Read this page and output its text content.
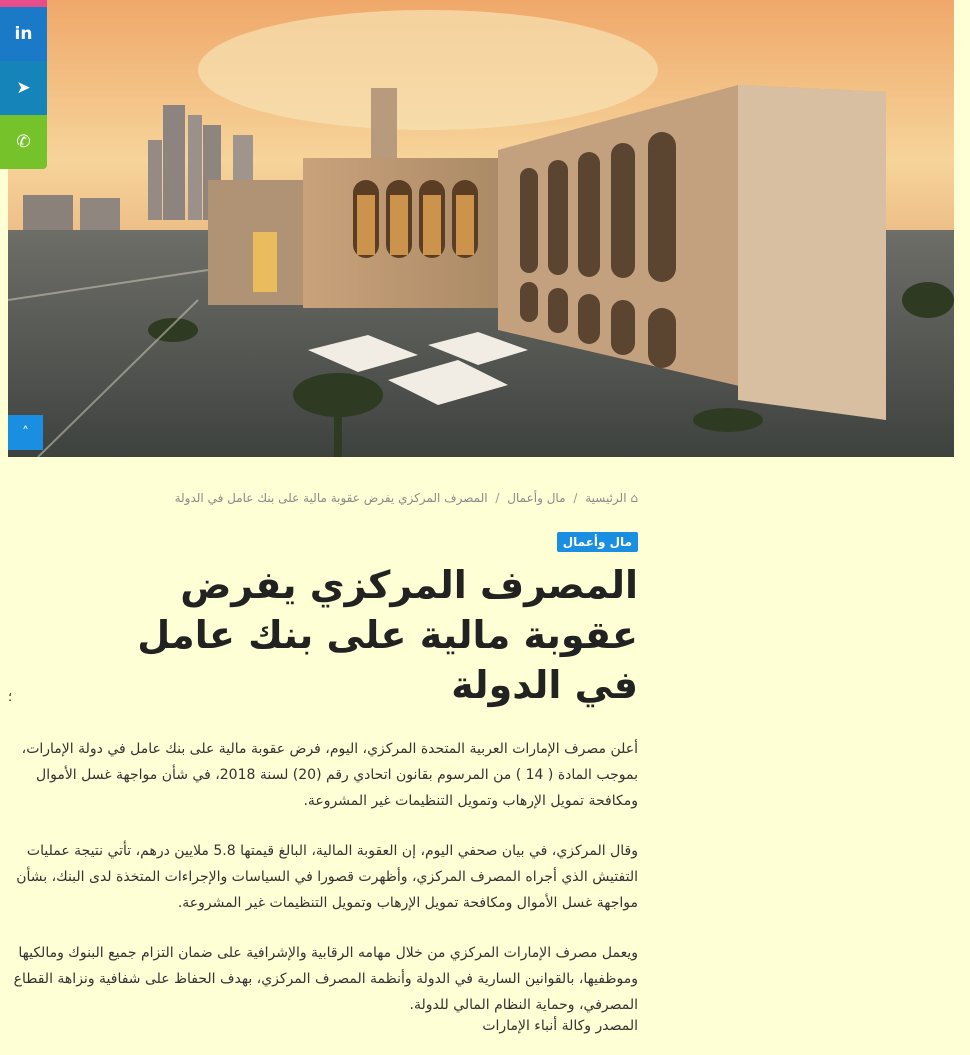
in
➤
✆
˄
⌂ الرئيسية / مال وأعمال / المصرف المركزي يفرض عقوبة مالية على بنك عامل في الدولة
مال وأعمال
المصرف المركزي يفرض عقوبة مالية على بنك عامل في الدولة
؛

أعلن مصرف الإمارات العربية المتحدة المركزي، اليوم، فرض عقوبة مالية على بنك عامل في دولة الإمارات، بموجب المادة ( 14 ) من المرسوم بقانون اتحادي رقم (20) لسنة 2018، في شأن مواجهة غسل الأموال ومكافحة تمويل الإرهاب وتمويل التنظيمات غير المشروعة.

وقال المركزي، في بيان صحفي اليوم، إن العقوبة المالية، البالغ قيمتها 5.8 ملايين درهم، تأتي نتيجة عمليات التفتيش الذي أجراه المصرف المركزي، وأظهرت قصورا في السياسات والإجراءات المتخذة لدى البنك، بشأن مواجهة غسل الأموال ومكافحة تمويل الإرهاب وتمويل التنظيمات غير المشروعة.

ويعمل مصرف الإمارات المركزي من خلال مهامه الرقابية والإشرافية على ضمان التزام جميع البنوك ومالكيها وموظفيها، بالقوانين السارية في الدولة وأنظمة المصرف المركزي، بهدف الحفاظ على شفافية ونزاهة القطاع المصرفي، وحماية النظام المالي للدولة.

المصدر وكالة أنباء الإمارات
